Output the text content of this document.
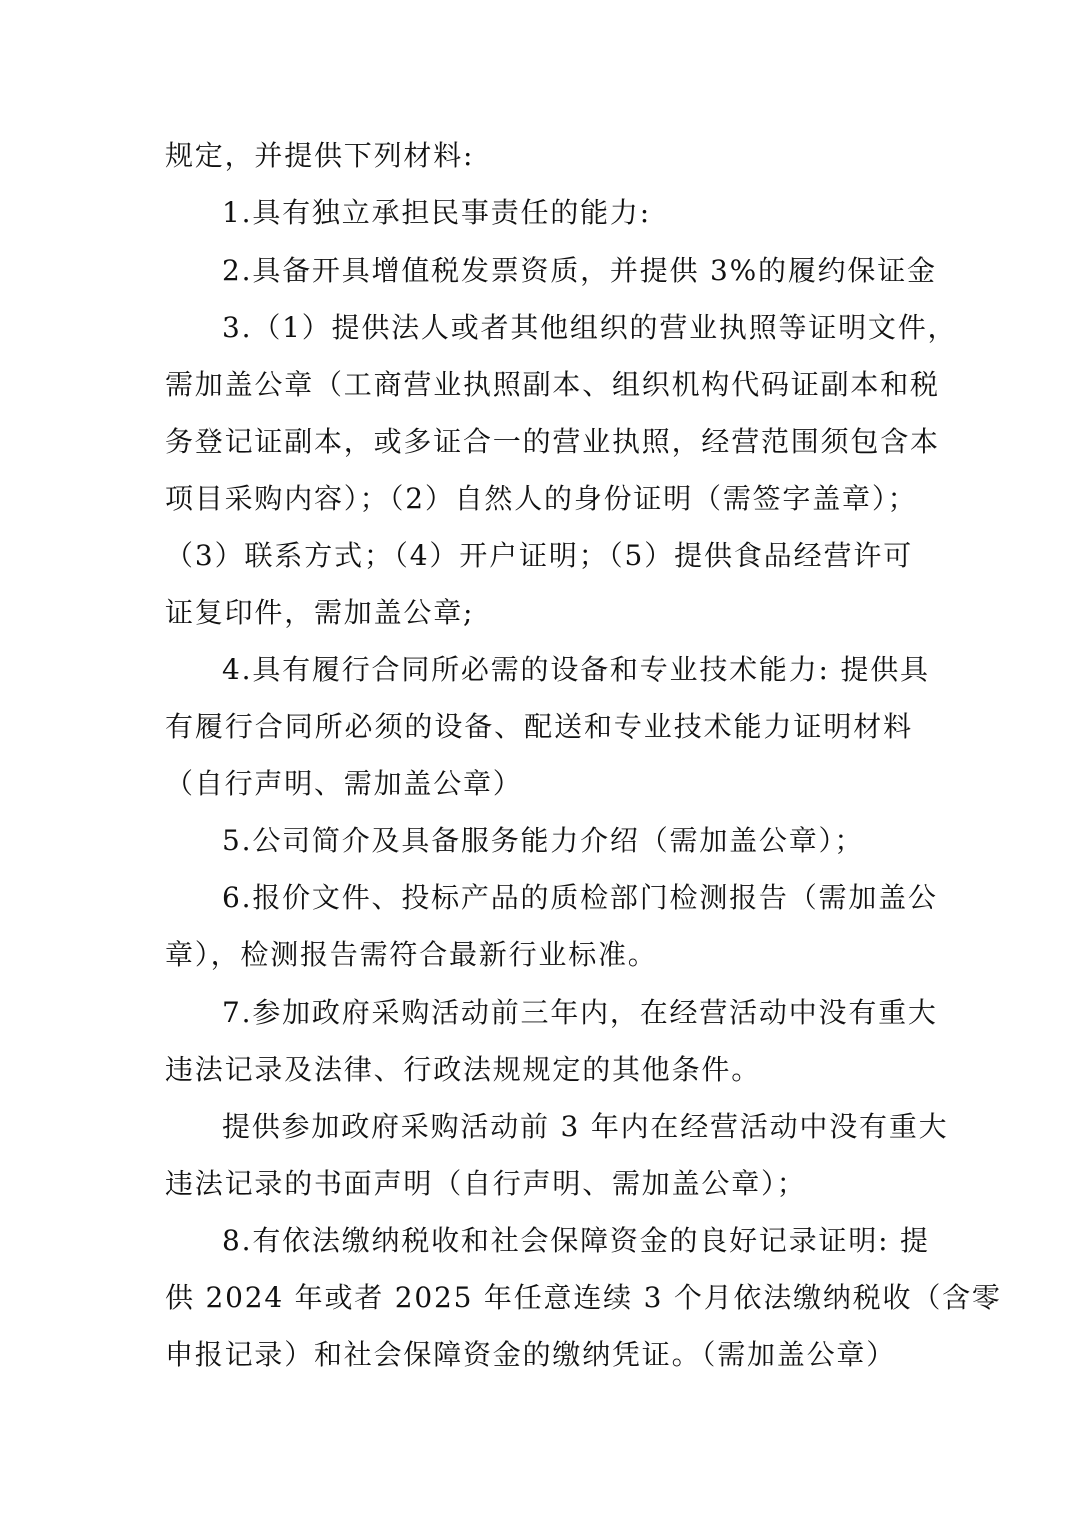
规定，并提供下列材料:
1.具有独立承担民事责任的能力:
2.具备开具增值税发票资质，并提供 3%的履约保证金
3.（1）提供法人或者其他组织的营业执照等证明文件，
需加盖公章（工商营业执照副本、组织机构代码证副本和税
务登记证副本，或多证合一的营业执照，经营范围须包含本
项目采购内容）；（2）自然人的身份证明（需签字盖章）；
（3）联系方式；（4）开户证明；（5）提供食品经营许可
证复印件，需加盖公章;
4.具有履行合同所必需的设备和专业技术能力: 提供具
有履行合同所必须的设备、配送和专业技术能力证明材料
（自行声明、需加盖公章）
5.公司简介及具备服务能力介绍（需加盖公章）；
6.报价文件、投标产品的质检部门检测报告（需加盖公
章），检测报告需符合最新行业标准。
7.参加政府采购活动前三年内，在经营活动中没有重大
违法记录及法律、行政法规规定的其他条件。
提供参加政府采购活动前 3 年内在经营活动中没有重大
违法记录的书面声明（自行声明、需加盖公章）；
8.有依法缴纳税收和社会保障资金的良好记录证明: 提
供 2024 年或者 2025 年任意连续 3 个月依法缴纳税收（含零
申报记录）和社会保障资金的缴纳凭证。（需加盖公章）
